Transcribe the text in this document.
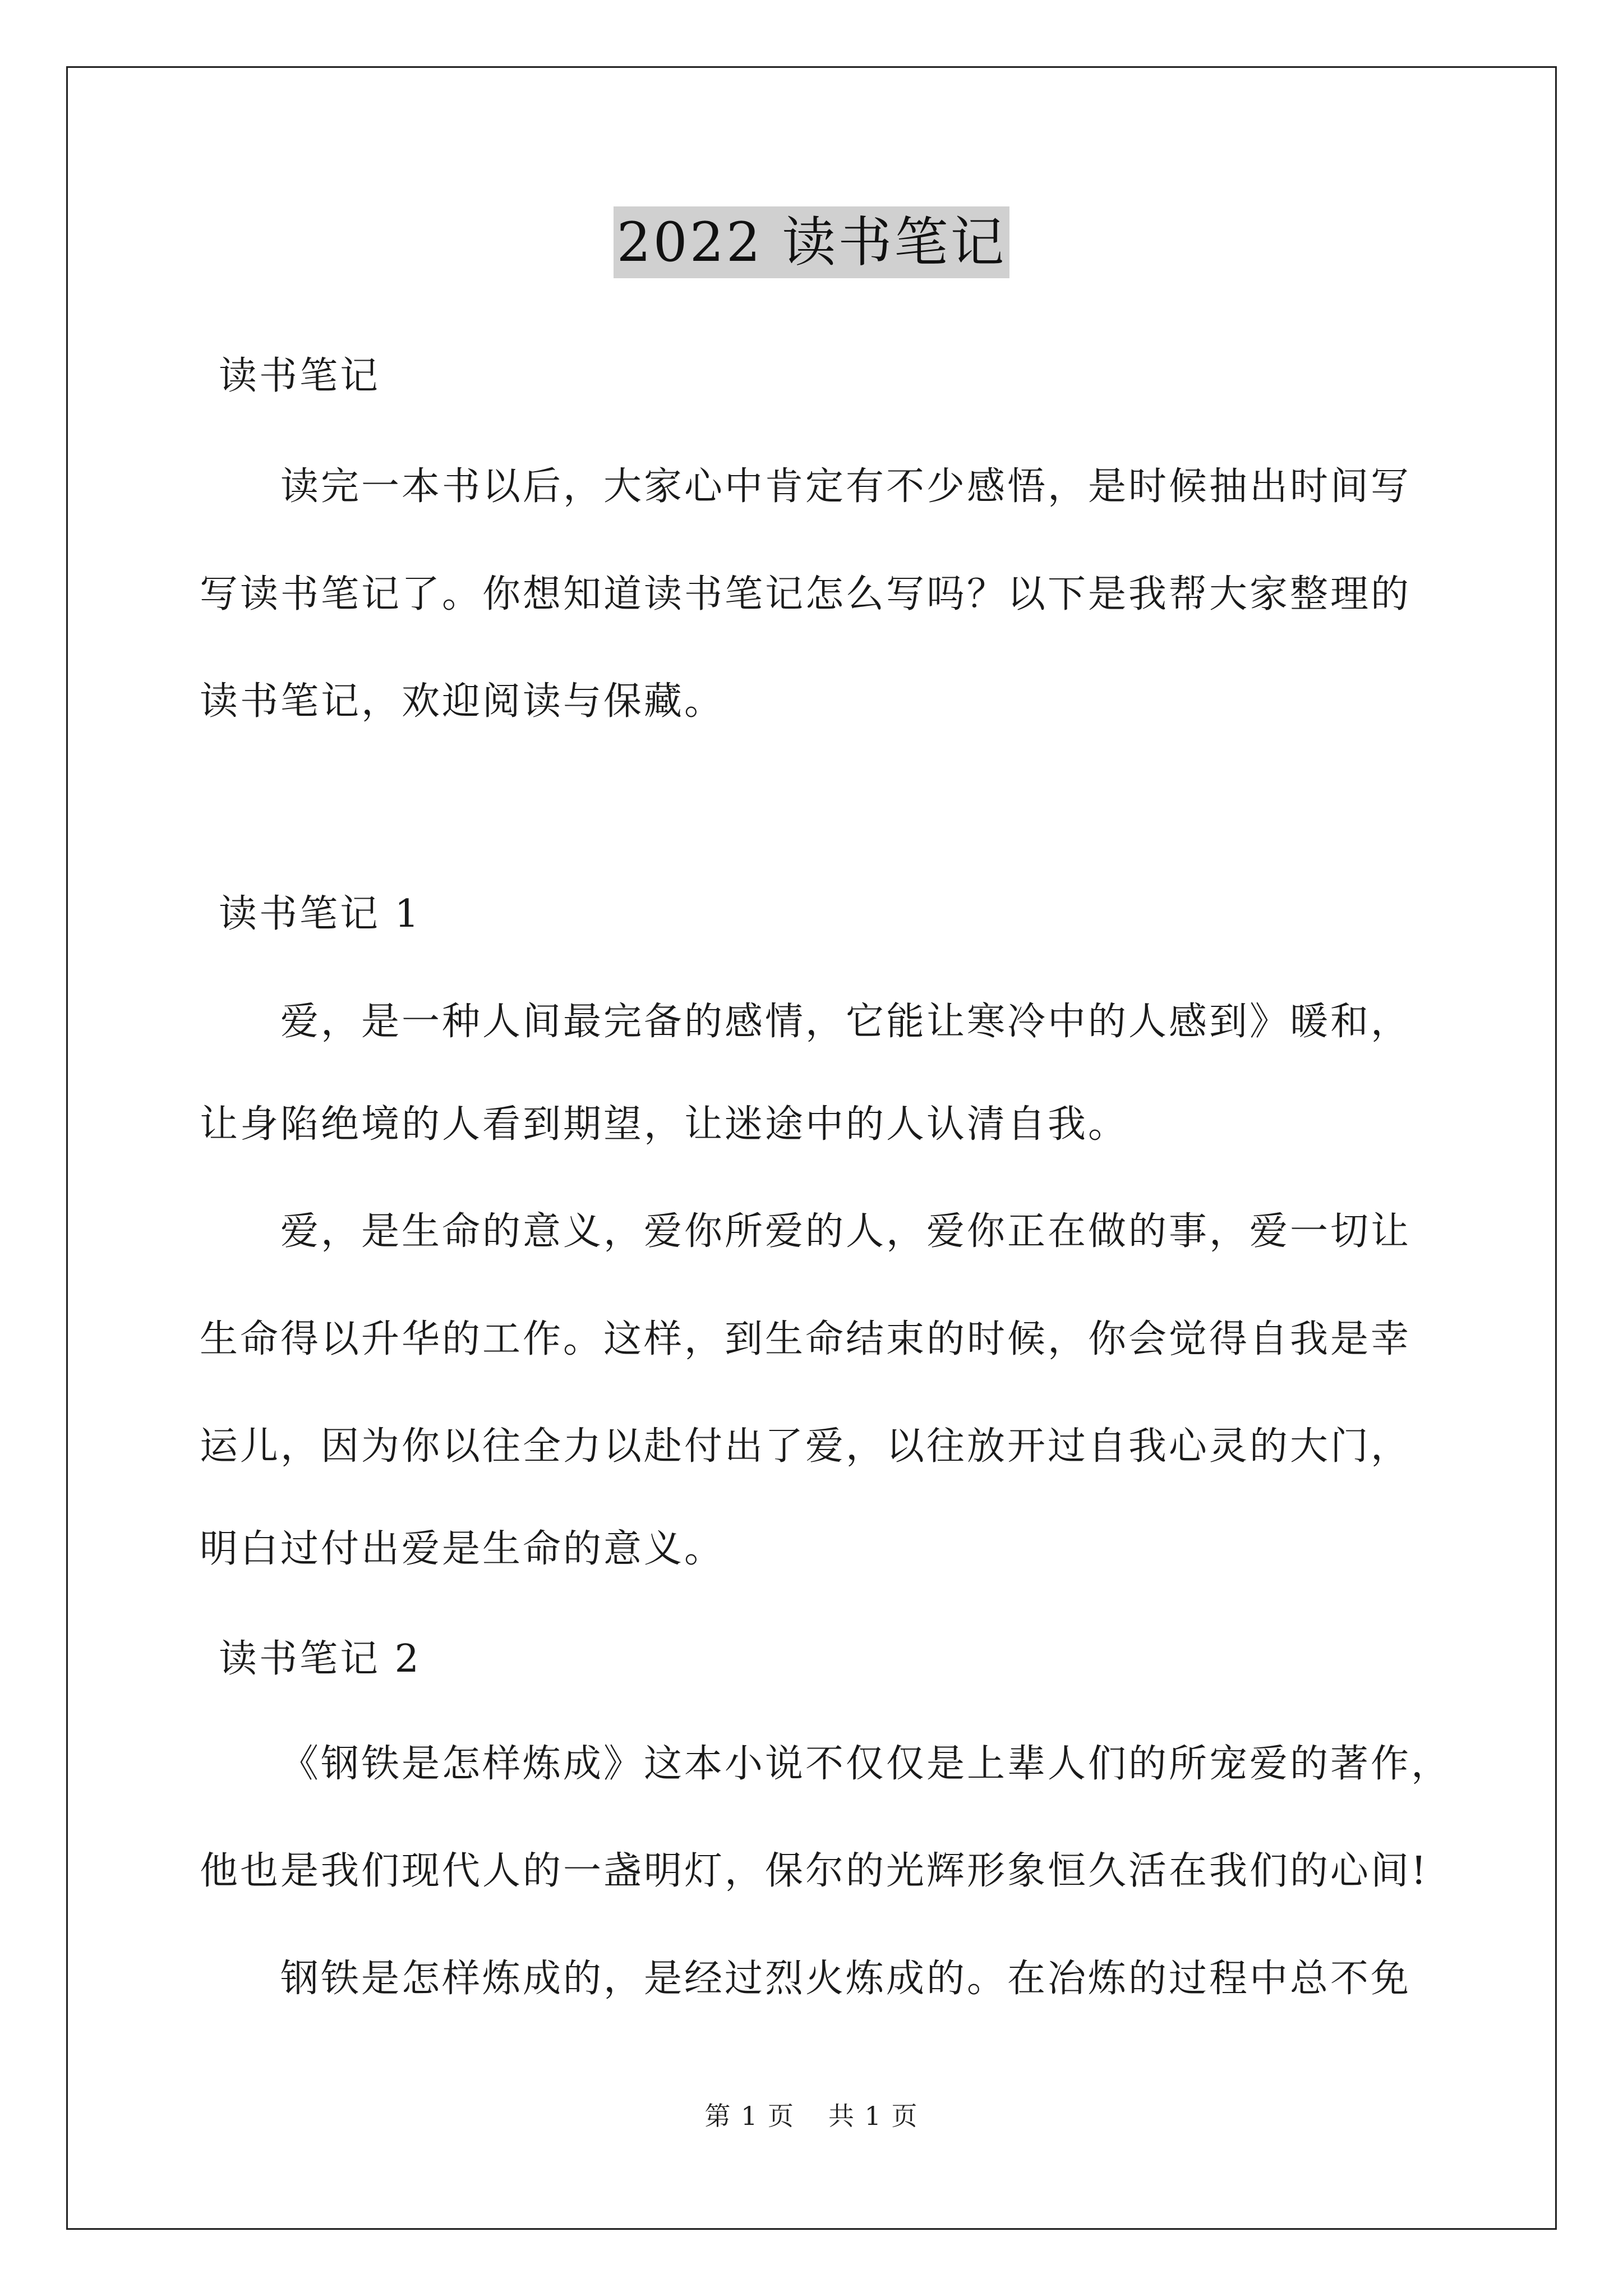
2022 读书笔记
读书笔记
读完一本书以后，大家心中肯定有不少感悟，是时候抽出时间写
写读书笔记了。你想知道读书笔记怎么写吗？以下是我帮大家整理的
读书笔记，欢迎阅读与保藏。
读书笔记 1
爱，是一种人间最完备的感情，它能让寒冷中的人感到》暖和，
让身陷绝境的人看到期望，让迷途中的人认清自我。
爱，是生命的意义，爱你所爱的人，爱你正在做的事，爱一切让
生命得以升华的工作。这样，到生命结束的时候，你会觉得自我是幸
运儿，因为你以往全力以赴付出了爱，以往放开过自我心灵的大门，
明白过付出爱是生命的意义。
读书笔记 2
《钢铁是怎样炼成》这本小说不仅仅是上辈人们的所宠爱的著作，
他也是我们现代人的一盏明灯，保尔的光辉形象恒久活在我们的心间!
钢铁是怎样炼成的，是经过烈火炼成的。在冶炼的过程中总不免
第 1 页 共 1 页
